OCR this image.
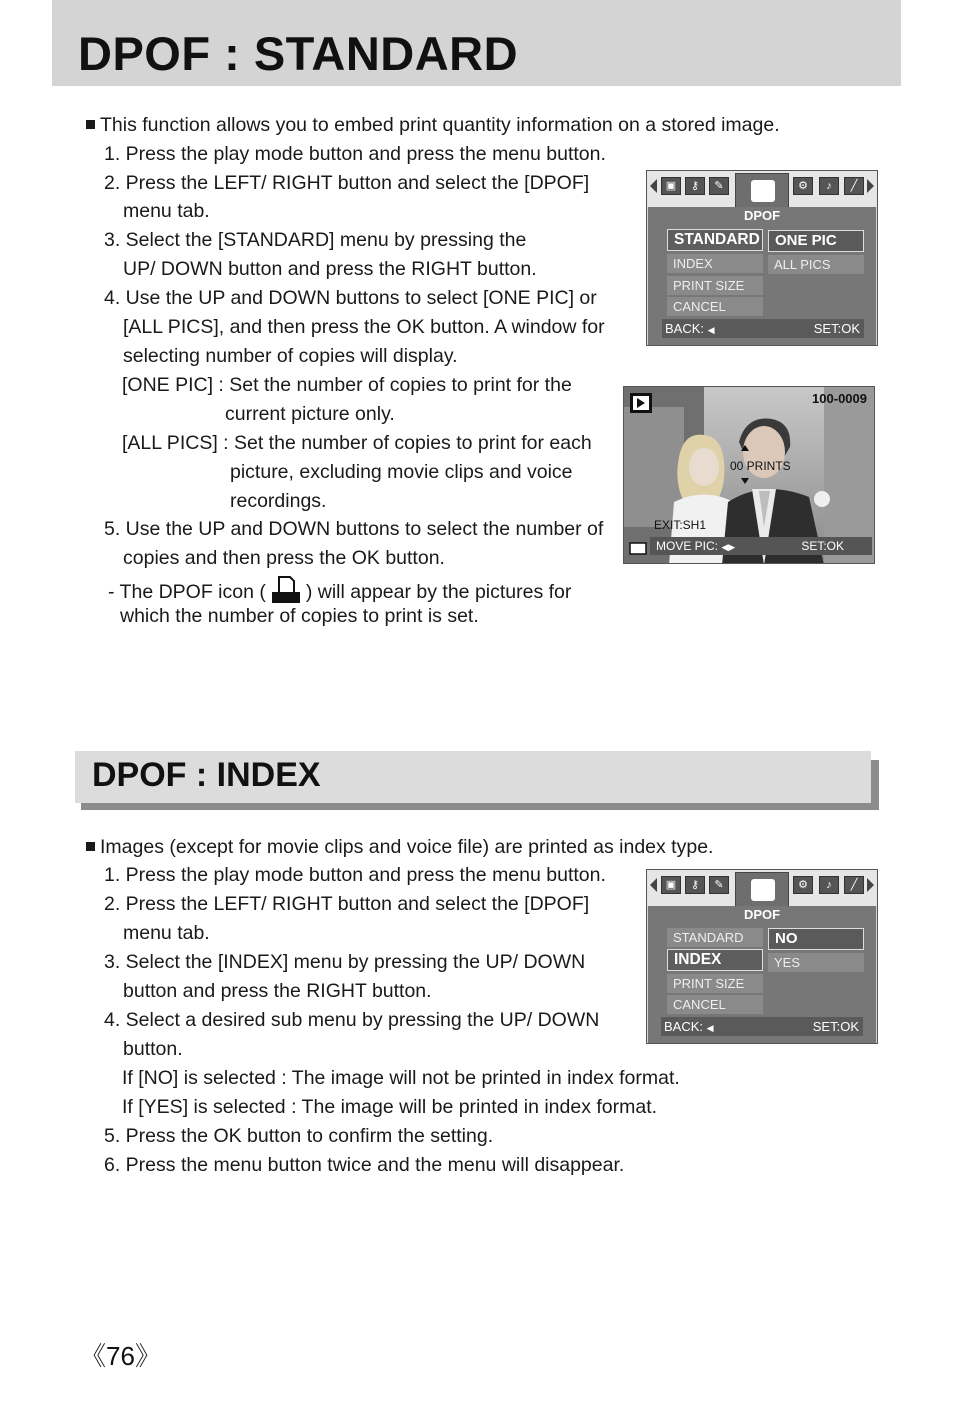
DPOF : STANDARD
This function allows you to embed print quantity information on a stored image.
1. Press the play mode button and press the menu button.
2. Press the LEFT/ RIGHT button and select the [DPOF]
menu tab.
3. Select the [STANDARD] menu by pressing the
UP/ DOWN button and press the RIGHT button.
4. Use the UP and DOWN buttons to select [ONE PIC] or
[ALL PICS], and then press the OK button. A window for
selecting number of copies will display.
[ONE PIC] : Set the number of copies to print for the
current picture only.
[ALL PICS] : Set the number of copies to print for each
picture, excluding movie clips and voice
recordings.
5. Use the UP and DOWN buttons to select the number of
copies and then press the OK button.
- The DPOF icon ( ) will appear by the pictures for
which the number of copies to print is set.
▣	⚷	✎	⚙	♪	╱
DPOF
STANDARD
INDEX
PRINT SIZE
CANCEL
ONE PIC
ALL PICS
BACK: ◀	SET:OK
100-0009
00 PRINTS
EXIT:SH1
MOVE PIC: ◀▶	SET:OK
DPOF : INDEX
Images (except for movie clips and voice file) are printed as index type.
1. Press the play mode button and press the menu button.
2. Press the LEFT/ RIGHT button and select the [DPOF]
menu tab.
3. Select the [INDEX] menu by pressing the UP/ DOWN
button and press the RIGHT button.
4. Select a desired sub menu by pressing the UP/ DOWN
button.
If [NO] is selected : The image will not be printed in index format.
If [YES] is selected : The image will be printed in index format.
5. Press the OK button to confirm the setting.
6. Press the menu button twice and the menu will disappear.
▣	⚷	✎	⚙	♪	╱
DPOF
STANDARD
INDEX
PRINT SIZE
CANCEL
NO
YES
BACK: ◀	SET:OK
《76》
